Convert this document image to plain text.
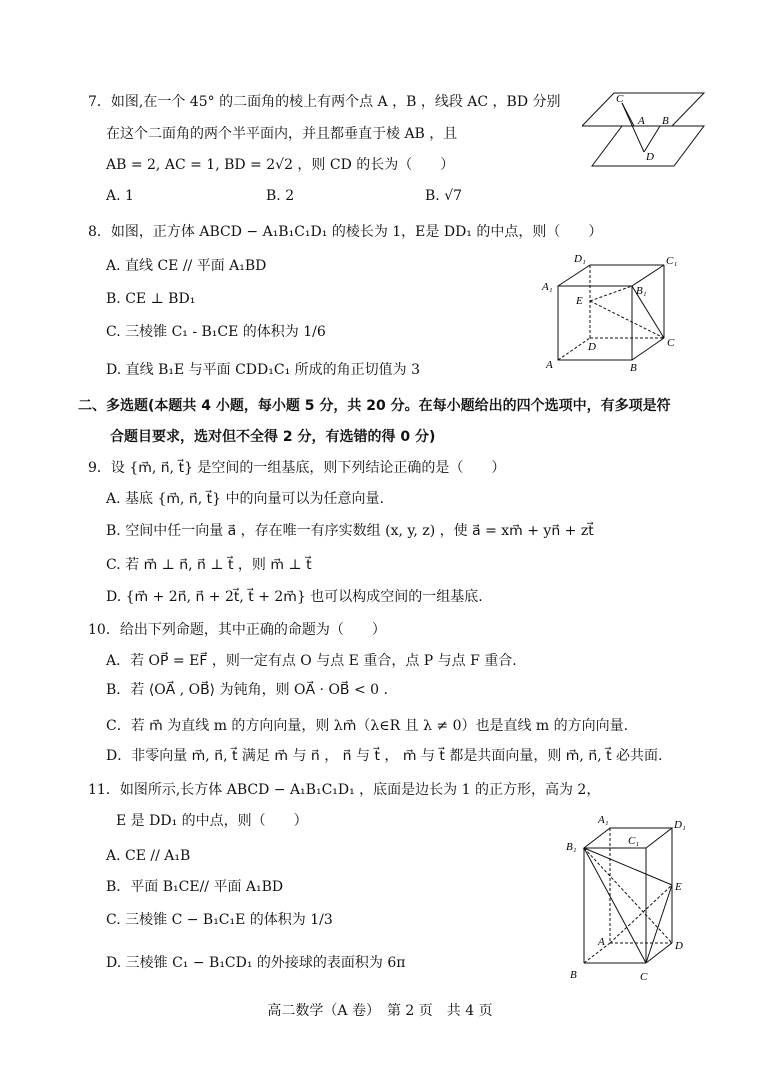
7．如图,在一个 45° 的二面角的棱上有两个点 A ，B ，线段 AC ，BD 分别
在这个二面角的两个半平面内，并且都垂直于棱 AB ，且
AB = 2, AC = 1, BD = 2√2 ，则 CD 的长为（　　）
A. 1	B. 2	B. √7
C
A B
D
8．如图，正方体 ABCD − A₁B₁C₁D₁ 的棱长为 1，E是 DD₁ 的中点，则（　　）
A. 直线 CE // 平面 A₁BD
B. CE ⊥ BD₁
C. 三棱锥 C₁ - B₁CE 的体积为 1/6
D. 直线 B₁E 与平面 CDD₁C₁ 所成的角正切值为 3
D₁	C₁
A₁	B₁
E
D	C
A	B
二、多选题(本题共 4 小题，每小题 5 分，共 20 分。在每小题给出的四个选项中，有多项是符
合题目要求，选对但不全得 2 分，有选错的得 0 分)
9．设 {m⃗, n⃗, t⃗} 是空间的一组基底，则下列结论正确的是（　　）
A. 基底 {m⃗, n⃗, t⃗} 中的向量可以为任意向量.
B. 空间中任一向量 a⃗ ，存在唯一有序实数组 (x, y, z) ，使 a⃗ = xm⃗ + yn⃗ + zt⃗
C. 若 m⃗ ⊥ n⃗, n⃗ ⊥ t⃗ ，则 m⃗ ⊥ t⃗
D. {m⃗ + 2n⃗, n⃗ + 2t⃗, t⃗ + 2m⃗} 也可以构成空间的一组基底.
10．给出下列命题，其中正确的命题为（　　）
A．若 OP⃗ = EF⃗ ，则一定有点 O 与点 E 重合，点 P 与点 F 重合.
B．若 ⟨OA⃗ , OB⃗⟩ 为钝角，则 OA⃗ · OB⃗ < 0 .
C．若 m⃗ 为直线 m 的方向向量，则 λm⃗（λ∈R 且 λ ≠ 0）也是直线 m 的方向向量.
D．非零向量 m⃗, n⃗, t⃗ 满足 m⃗ 与 n⃗ ， n⃗ 与 t⃗ ， m⃗ 与 t⃗ 都是共面向量，则 m⃗, n⃗, t⃗ 必共面.
11．如图所示,长方体 ABCD − A₁B₁C₁D₁ ，底面是边长为 1 的正方形，高为 2，
E 是 DD₁ 的中点，则（　　）
A. CE // A₁B
B．平面 B₁CE// 平面 A₁BD
C. 三棱锥 C − B₁C₁E 的体积为 1/3
D. 三棱锥 C₁ − B₁CD₁ 的外接球的表面积为 6π
A₁	D₁
C₁
B₁
E
A	D
B	C
高二数学（A 卷）　第 2 页　共 4 页
